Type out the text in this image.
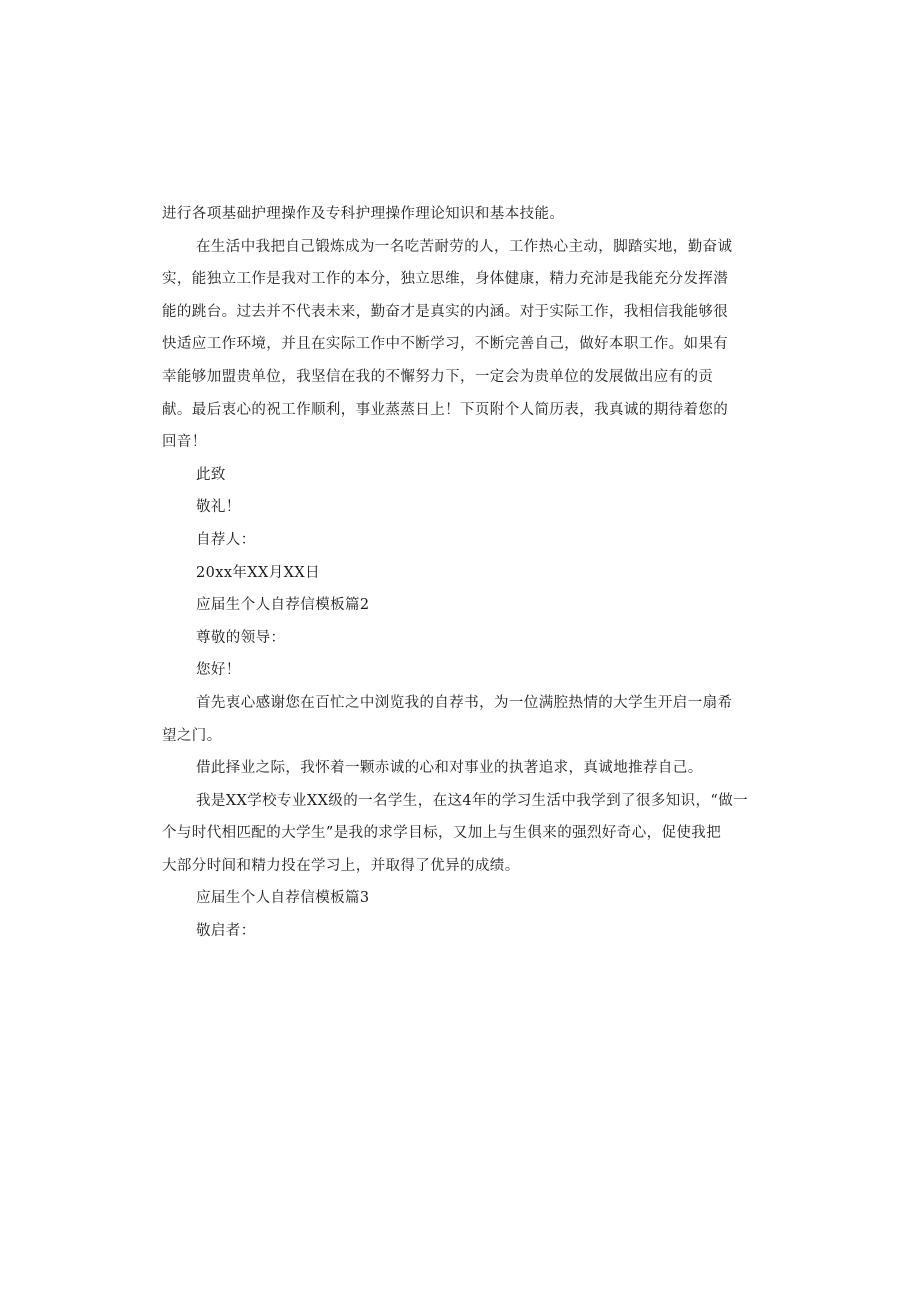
进行各项基础护理操作及专科护理操作理论知识和基本技能。

在生活中我把自己锻炼成为一名吃苦耐劳的人，工作热心主动，脚踏实地，勤奋诚

实，能独立工作是我对工作的本分，独立思维，身体健康，精力充沛是我能充分发挥潜

能的跳台。过去并不代表未来，勤奋才是真实的内涵。对于实际工作，我相信我能够很

快适应工作环境，并且在实际工作中不断学习，不断完善自己，做好本职工作。如果有

幸能够加盟贵单位，我坚信在我的不懈努力下，一定会为贵单位的发展做出应有的贡

献。最后衷心的祝工作顺利，事业蒸蒸日上！下页附个人简历表，我真诚的期待着您的

回音！

此致

敬礼！

自荐人：

20xx年XX月XX日

应届生个人自荐信模板篇2

尊敬的领导：

您好！

首先衷心感谢您在百忙之中浏览我的自荐书，为一位满腔热情的大学生开启一扇希

望之门。

借此择业之际，我怀着一颗赤诚的心和对事业的执著追求，真诚地推荐自己。

我是XX学校专业XX级的一名学生，在这4年的学习生活中我学到了很多知识，“做一

个与时代相匹配的大学生”是我的求学目标，又加上与生俱来的强烈好奇心，促使我把

大部分时间和精力投在学习上，并取得了优异的成绩。

应届生个人自荐信模板篇3

敬启者：
